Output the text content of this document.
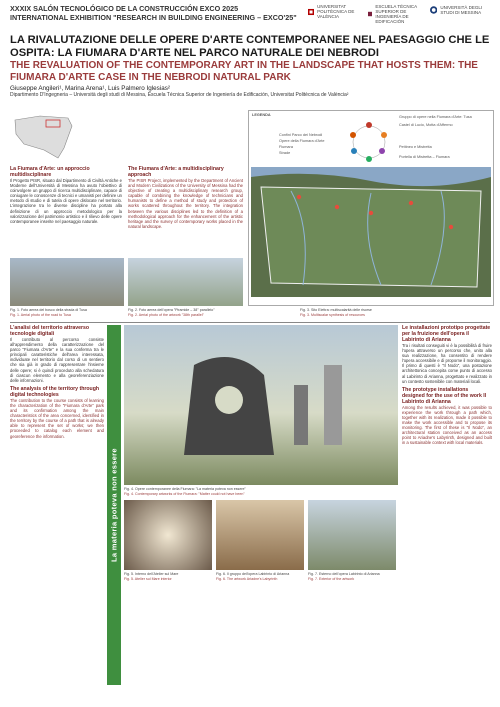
XXXIX SALÓN TECNOLÓGICO DE LA CONSTRUCCIÓN EXCO 2025
INTERNATIONAL EXHIBITION "RESEARCH IN BUILDING ENGINEERING – EXCO'25"
UNIVERSITAT POLITÈCNICA DE VALÈNCIA
ESCUELA TÉCNICA SUPERIOR DE INGENIERÍA DE EDIFICACIÓN
UNIVERSITÀ DEGLI STUDI DI MESSINA
LA RIVALUTAZIONE DELLE OPERE D'ARTE CONTEMPORANEE NEL PAESAGGIO CHE LE OSPITA: LA FIUMARA D'ARTE NEL PARCO NATURALE DEI NEBRODI
THE REVALUATION OF THE CONTEMPORARY ART IN THE LANDSCAPE THAT HOSTS THEM: THE FIUMARA D'ARTE CASE IN THE NEBRODI NATURAL PARK
Giuseppe Angileri¹, Marina Arena¹, Luis Palmero Iglesias²
Dipartimento D'Ingegneria – Università degli studi di Messina, Escuela Técnica Superior de Ingeniería de Edificación, Universitat Politècnica de València²
LEGENDA	Gruppo di opere nella Fiumara d'Arte: Tusa
Castel di Lucio, Motta d'Affermo
Pettineo e Mistretta
Portella di Mistretta – Fiumara
Confini Parco dei Nebrodi
Opere della Fiumara d'Arte
Fiumara
Strade
La Fiumara d'Arte: un approccio multidisciplinare
Il Progetto PISR, situato dal Dipartimento di Civiltà Antiche e Moderne dell'Università di Messina ha avuto l'obiettivo di coinvolgere un gruppo di ricerca multidisciplinare, capace di coniugare le conoscenze di tecnici e umanisti per definire un metodo di studio e di tutela di opere dislocate nel territorio. L'integrazione tra le diverse discipline ha portato alla definizione di un approccio metodologico per la valorizzazione del patrimonio artistico e il rilievo delle opere contemporanee inserite nel paesaggio naturale.
The Fiumara d'Arte: a multidisciplinary approach
The PISR Project, implemented by the Department of Ancient and Modern Civilizations of the University of Messina had the objective of creating a multidisciplinary research group, capable of combining the knowledge of technicians and humanists to define a method of study and protection of works scattered throughout the territory. The integration between the various disciplines led to the definition of a methodological approach for the enhancement of the artistic heritage and the survey of contemporary works placed in the natural landscape.
Fig. 1. Foto aerea del bosco della strada di Tusa
Fig. 1. Aerial photo of the road to Tusa
Fig. 2. Foto aerea dell'opera "Piramide – 38° parallelo"
Fig. 2. Aerial photo of the artwork "38th parallel"
Fig. 3. Sito Elettra: multiscalarità delle risorse
Fig. 3. Multiscalar synthesis of resources
L'analisi del territorio attraverso tecnologie digitali
Il contributo al percorso consiste all'apprendimento della caratterizzazione del parco "Fiumara d'Arte" e la sua conferma tra le principali caratteristiche dell'area interessata, individuate nel territorio dal corso di un sentiero che sia già in grado di rappresentare l'insieme delle opere; si è quindi proceduto alla schedatura di ciascun elemento e alla georeferenziazione delle informazioni.
The analysis of the territory through digital technologies
The contribution to the course consists of learning the characterization of the "Fiumara d'Arte" park and its confirmation among the main characteristics of the area concerned, identified in the territory by the course of a path that is already able to represent the set of works; we then proceeded to catalog each element and georeference the information.
La materia poteva non essere	Fig. 4. Opere contemporanee della Fiumara: "La materia poteva non essere"
Fig. 4. Contemporary artworks of the Fiumara: "Matter could not have been"
Fig. 5. Interno dell'Atelier sul Mare
Fig. 5. Atelier sul Mare interior
Fig. 6. Il gruppo dell'opera Labirinto di Arianna
Fig. 6. The artwork Ariadne's Labyrinth
Fig. 7. Esterno dell'opera Labirinto di Arianna
Fig. 7. Exterior of the artwork
Le installazioni prototipo progettate per la fruizione dell'opera il Labirinto di Arianna
Tra i risultati conseguiti vi è la possibilità di fruire l'opera attraverso un percorso che, unito alla sua realizzazione, ha consentito di rendere l'opera accessibile e di proporne il monitoraggio. Il primo di questi è "Il Nodo", una postazione architettonica concepita come punto di accesso al Labirinto di Arianna, progettato e realizzato in un contesto sostenibile con materiali locali.
The prototype installations designed for the use of the work Il Labirinto di Arianna
Among the results achieved, it was possible to experience the work through a path which, together with its realization, made it possible to make the work accessible and to propose its monitoring. The first of these is "Il Nodo", an architectural station conceived as an access point to Ariadne's Labyrinth, designed and built in a sustainable context with local materials.
